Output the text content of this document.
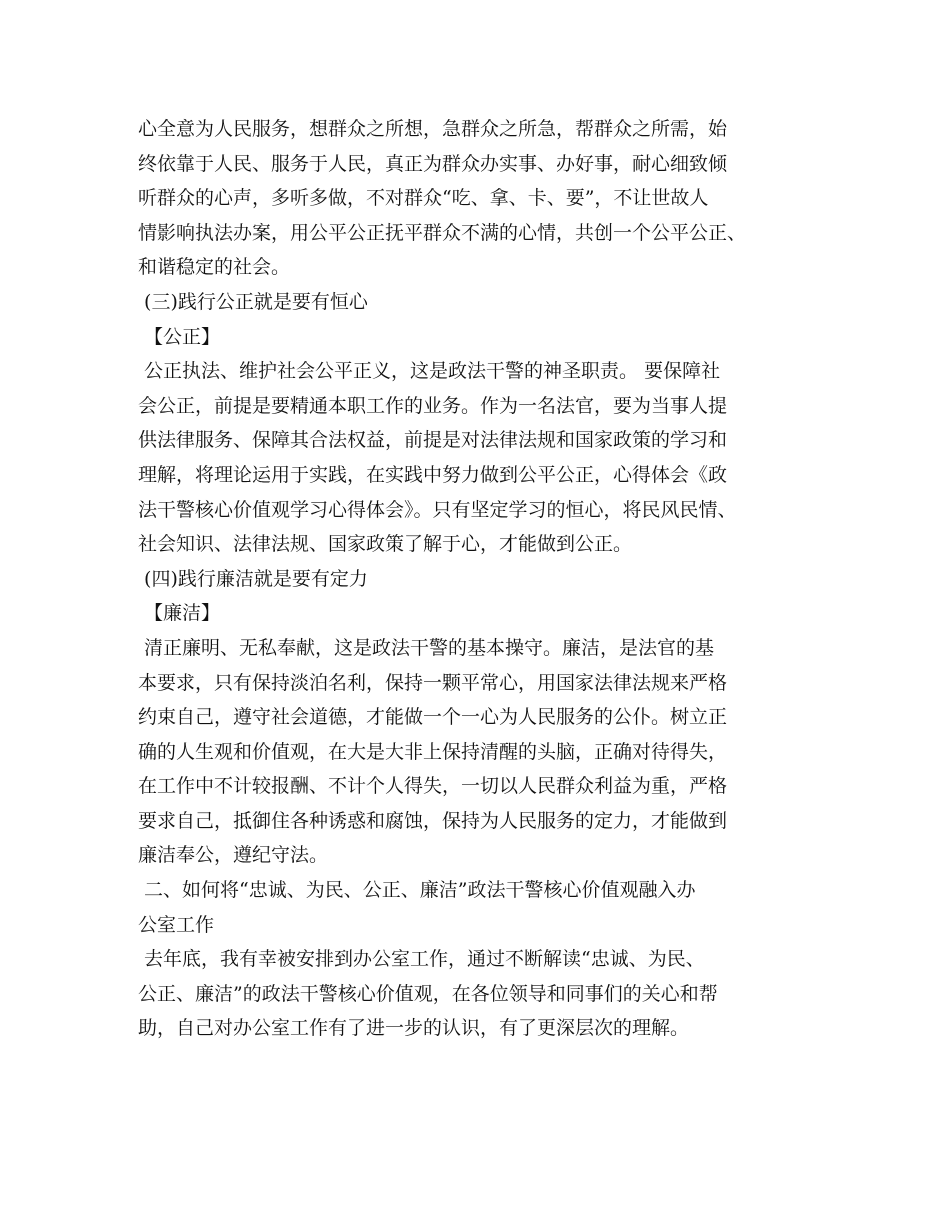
心全意为人民服务，想群众之所想，急群众之所急，帮群众之所需，始
终依靠于人民、服务于人民，真正为群众办实事、办好事，耐心细致倾
听群众的心声，多听多做，不对群众“吃、拿、卡、要”，不让世故人
情影响执法办案，用公平公正抚平群众不满的心情，共创一个公平公正、
和谐稳定的社会。
(三)践行公正就是要有恒心
【公正】
公正执法、维护社会公平正义，这是政法干警的神圣职责。 要保障社
会公正，前提是要精通本职工作的业务。作为一名法官，要为当事人提
供法律服务、保障其合法权益，前提是对法律法规和国家政策的学习和
理解，将理论运用于实践，在实践中努力做到公平公正，心得体会《政
法干警核心价值观学习心得体会》。只有坚定学习的恒心，将民风民情、
社会知识、法律法规、国家政策了解于心，才能做到公正。
(四)践行廉洁就是要有定力
【廉洁】
清正廉明、无私奉献，这是政法干警的基本操守。廉洁，是法官的基
本要求，只有保持淡泊名利，保持一颗平常心，用国家法律法规来严格
约束自己，遵守社会道德，才能做一个一心为人民服务的公仆。树立正
确的人生观和价值观，在大是大非上保持清醒的头脑，正确对待得失，
在工作中不计较报酬、不计个人得失，一切以人民群众利益为重，严格
要求自己，抵御住各种诱惑和腐蚀，保持为人民服务的定力，才能做到
廉洁奉公，遵纪守法。
二、如何将“忠诚、为民、公正、廉洁”政法干警核心价值观融入办
公室工作
去年底，我有幸被安排到办公室工作，通过不断解读“忠诚、为民、
公正、廉洁”的政法干警核心价值观，在各位领导和同事们的关心和帮
助，自己对办公室工作有了进一步的认识，有了更深层次的理解。
